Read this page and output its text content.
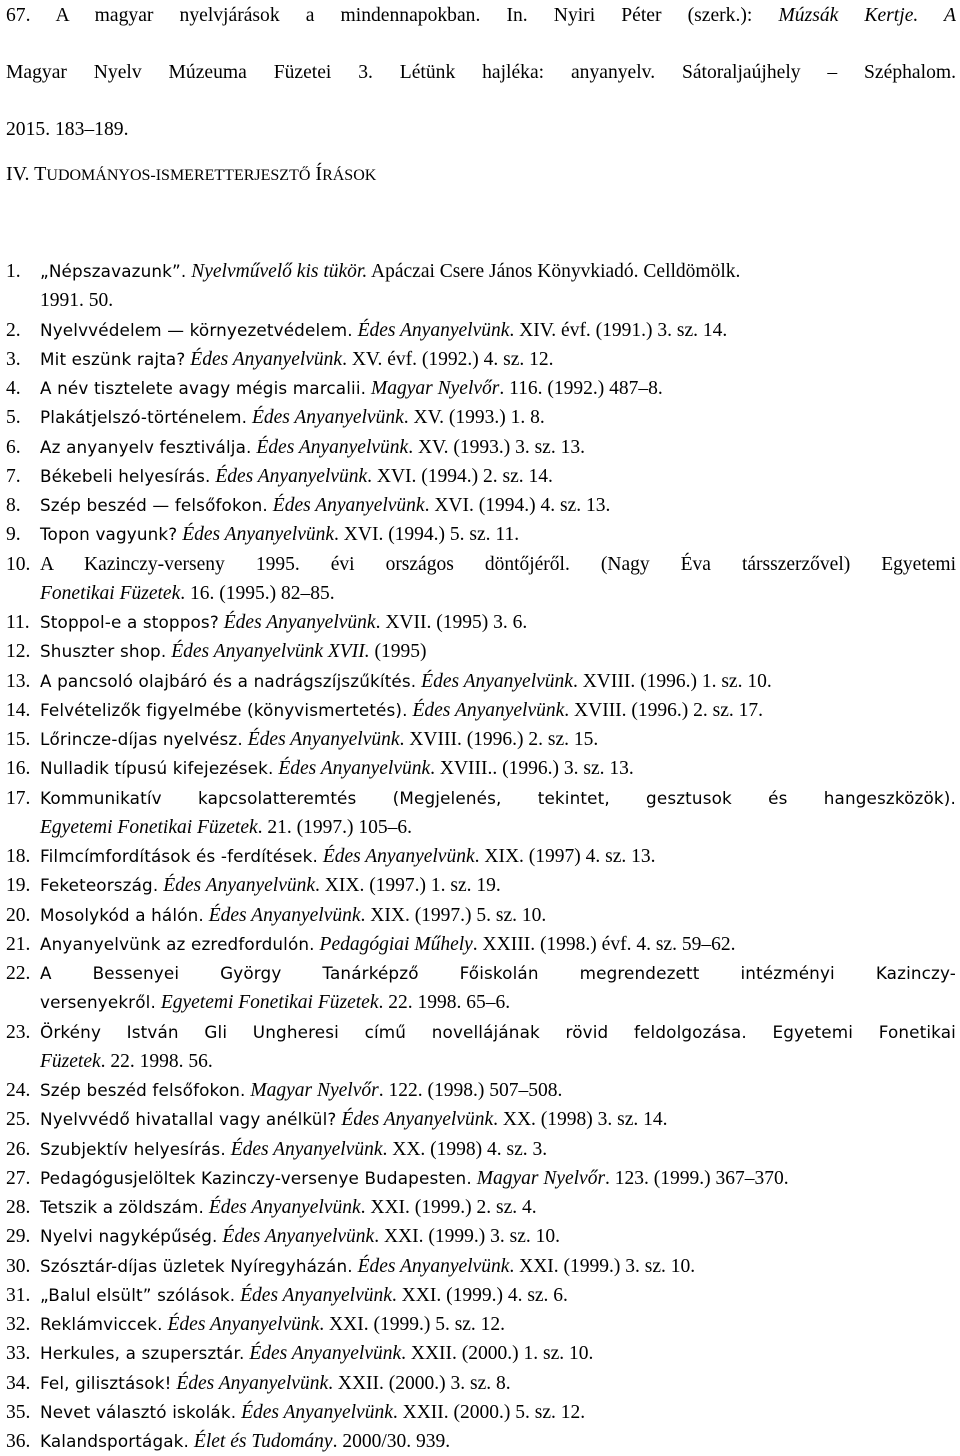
67. A magyar nyelvjárások a mindennapokban. In. Nyiri Péter (szerk.): Múzsák Kertje. A
Magyar Nyelv Múzeuma Füzetei 3. Létünk hajléka: anyanyelv. Sátoraljaújhely – Széphalom.
2015. 183–189.
IV. TUDOMÁNYOS-ISMERETTERJESZTŐ ÍRÁSOK
1. „Népszavazunk”. Nyelvművelő kis tükör. Apáczai Csere János Könyvkiadó. Celldömölk.
1991. 50.
2. Nyelvvédelem — környezetvédelem. Édes Anyanyelvünk. XIV. évf. (1991.) 3. sz. 14.
3. Mit eszünk rajta? Édes Anyanyelvünk. XV. évf. (1992.) 4. sz. 12.
4. A név tisztelete avagy mégis marcalii. Magyar Nyelvőr. 116. (1992.) 487–8.
5. Plakátjelszó-történelem. Édes Anyanyelvünk. XV. (1993.) 1. 8.
6. Az anyanyelv fesztiválja. Édes Anyanyelvünk. XV. (1993.) 3. sz. 13.
7. Békebeli helyesírás. Édes Anyanyelvünk. XVI. (1994.) 2. sz. 14.
8. Szép beszéd — felsőfokon. Édes Anyanyelvünk. XVI. (1994.) 4. sz. 13.
9. Topon vagyunk? Édes Anyanyelvünk. XVI. (1994.) 5. sz. 11.
10. A Kazinczy-verseny 1995. évi országos döntőjéről. (Nagy Éva társszerzővel) Egyetemi
Fonetikai Füzetek. 16. (1995.) 82–85.
11. Stoppol-e a stoppos? Édes Anyanyelvünk. XVII. (1995) 3. 6.
12. Shuszter shop. Édes Anyanyelvünk XVII. (1995)
13. A pancsoló olajbáró és a nadrágszíjszűkítés. Édes Anyanyelvünk. XVIII. (1996.) 1. sz. 10.
14. Felvételizők figyelmébe (könyvismertetés). Édes Anyanyelvünk. XVIII. (1996.) 2. sz. 17.
15. Lőrincze-díjas nyelvész. Édes Anyanyelvünk. XVIII. (1996.) 2. sz. 15.
16. Nulladik típusú kifejezések. Édes Anyanyelvünk. XVIII.. (1996.) 3. sz. 13.
17. Kommunikatív kapcsolatteremtés (Megjelenés, tekintet, gesztusok és hangeszközök).
Egyetemi Fonetikai Füzetek. 21. (1997.) 105–6.
18. Filmcímfordítások és -ferdítések. Édes Anyanyelvünk. XIX. (1997) 4. sz. 13.
19. Feketeország. Édes Anyanyelvünk. XIX. (1997.) 1. sz. 19.
20. Mosolykód a hálón. Édes Anyanyelvünk. XIX. (1997.) 5. sz. 10.
21. Anyanyelvünk az ezredfordulón. Pedagógiai Műhely. XXIII. (1998.) évf. 4. sz. 59–62.
22. A Bessenyei György Tanárképző Főiskolán megrendezett intézményi Kazinczy-
versenyekről. Egyetemi Fonetikai Füzetek. 22. 1998. 65–6.
23. Örkény István Gli Ungheresi című novellájának rövid feldolgozása. Egyetemi Fonetikai
Füzetek. 22. 1998. 56.
24. Szép beszéd felsőfokon. Magyar Nyelvőr. 122. (1998.) 507–508.
25. Nyelvvédő hivatallal vagy anélkül? Édes Anyanyelvünk. XX. (1998) 3. sz. 14.
26. Szubjektív helyesírás. Édes Anyanyelvünk. XX. (1998) 4. sz. 3.
27. Pedagógusjelöltek Kazinczy-versenye Budapesten. Magyar Nyelvőr. 123. (1999.) 367–370.
28. Tetszik a zöldszám. Édes Anyanyelvünk. XXI. (1999.) 2. sz. 4.
29. Nyelvi nagyképűség. Édes Anyanyelvünk. XXI. (1999.) 3. sz. 10.
30. Szósztár-díjas üzletek Nyíregyházán. Édes Anyanyelvünk. XXI. (1999.) 3. sz. 10.
31. „Balul elsült” szólások. Édes Anyanyelvünk. XXI. (1999.) 4. sz. 6.
32. Reklámviccek. Édes Anyanyelvünk. XXI. (1999.) 5. sz. 12.
33. Herkules, a szupersztár. Édes Anyanyelvünk. XXII. (2000.) 1. sz. 10.
34. Fel, gilisztások! Édes Anyanyelvünk. XXII. (2000.) 3. sz. 8.
35. Nevet választó iskolák. Édes Anyanyelvünk. XXII. (2000.) 5. sz. 12.
36. Kalandsportágak. Élet és Tudomány. 2000/30. 939.
